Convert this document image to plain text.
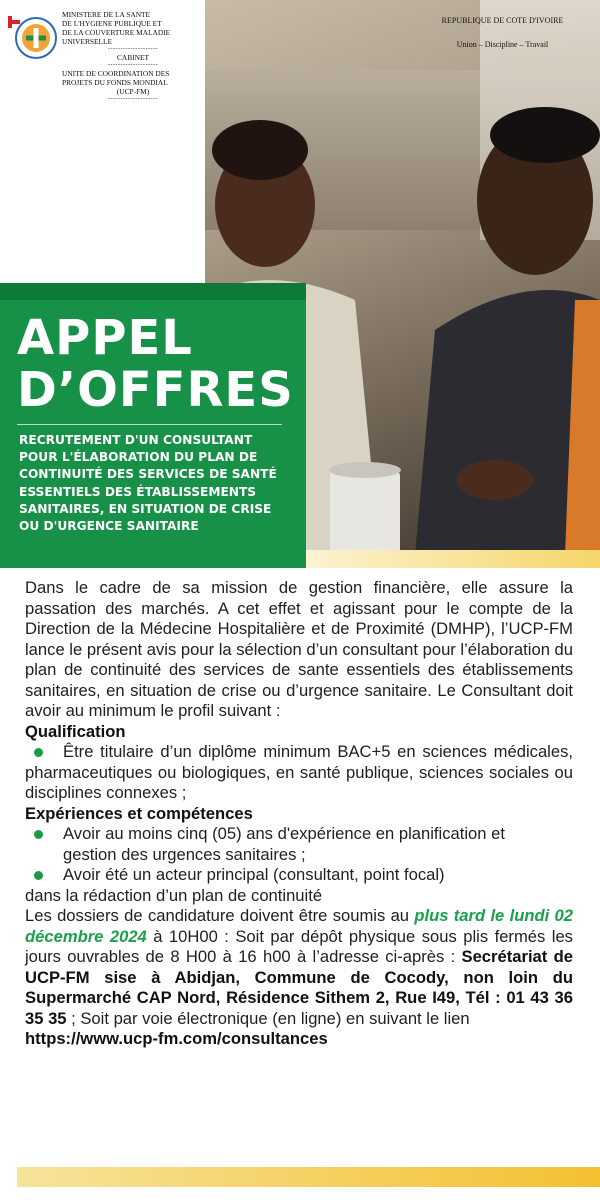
MINISTERE DE LA SANTE
DE L'HYGIENE PUBLIQUE ET
DE LA COUVERTURE MALADIE
UNIVERSELLE
--------------------
CABINET
--------------------
UNITE DE COORDINATION DES
PROJETS DU FONDS MONDIAL
(UCP-FM)
--------------------
REPUBLIQUE DE COTE D'IVOIRE
Union – Discipline – Travail
APPEL
D’OFFRES
RECRUTEMENT D'UN CONSULTANT POUR L'ÉLABORATION DU PLAN DE CONTINUITÉ DES SERVICES DE SANTÉ ESSENTIELS DES ÉTABLISSEMENTS SANITAIRES, EN SITUATION DE CRISE OU D'URGENCE SANITAIRE

Dans le cadre de sa mission de gestion financière, elle assure la passation des marchés. A cet effet et agissant pour le compte de la Direction de la Médecine Hospitalière et de Proximité (DMHP), l’UCP-FM lance le présent avis pour la sélection d’un consultant pour l’élaboration du plan de continuité des services de sante essentiels des établissements sanitaires, en situation de crise ou d’urgence sanitaire. Le Consultant doit avoir au minimum le profil suivant :

Qualification

Être titulaire d’un diplôme minimum BAC+5 en sciences médicales, pharmaceutiques ou biologiques, en santé publique, sciences sociales ou disciplines connexes ;

Expériences et compétences

Avoir au moins cinq (05) ans d'expérience en planification et gestion des urgences sanitaires ;
Avoir été un acteur principal (consultant, point focal)

dans la rédaction d’un plan de continuité

Les dossiers de candidature doivent être soumis au plus tard le lundi 02 décembre 2024 à 10H00 : Soit par dépôt physique sous plis fermés les jours ouvrables de 8 H00 à 16 h00 à l’adresse ci-après : Secrétariat de UCP-FM sise à Abidjan, Commune de Cocody, non loin du Supermarché CAP Nord, Résidence Sithem 2, Rue I49, Tél : 01 43 36 35 35 ; Soit par voie électronique (en ligne) en suivant le lien

https://www.ucp-fm.com/consultances
